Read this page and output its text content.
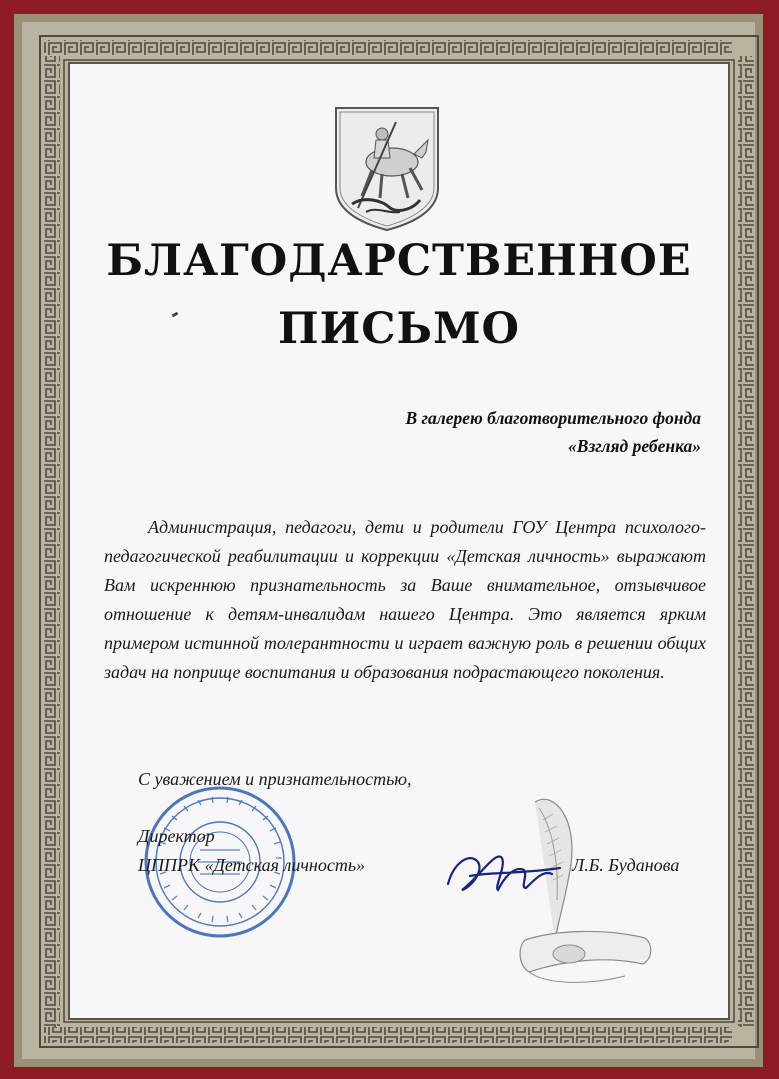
БЛАГОДАРСТВЕННОЕ
ПИСЬМО
В галерею благотворительного фонда
«Взгляд ребенка»
Администрация, педагоги, дети и родители ГОУ Центра психолого-педагогической реабилитации и коррекции «Детская личность» выражают Вам искреннюю признательность за Ваше внимательное, отзывчивое отношение к детям-инвалидам нашего Центра. Это является ярким примером истинной толерантности и играет важную роль в решении общих задач на поприще воспитания и образования подрастающего поколения.
С уважением и признательностью,
Директор
ЦППРК «Детская личность»	Л.Б. Буданова
